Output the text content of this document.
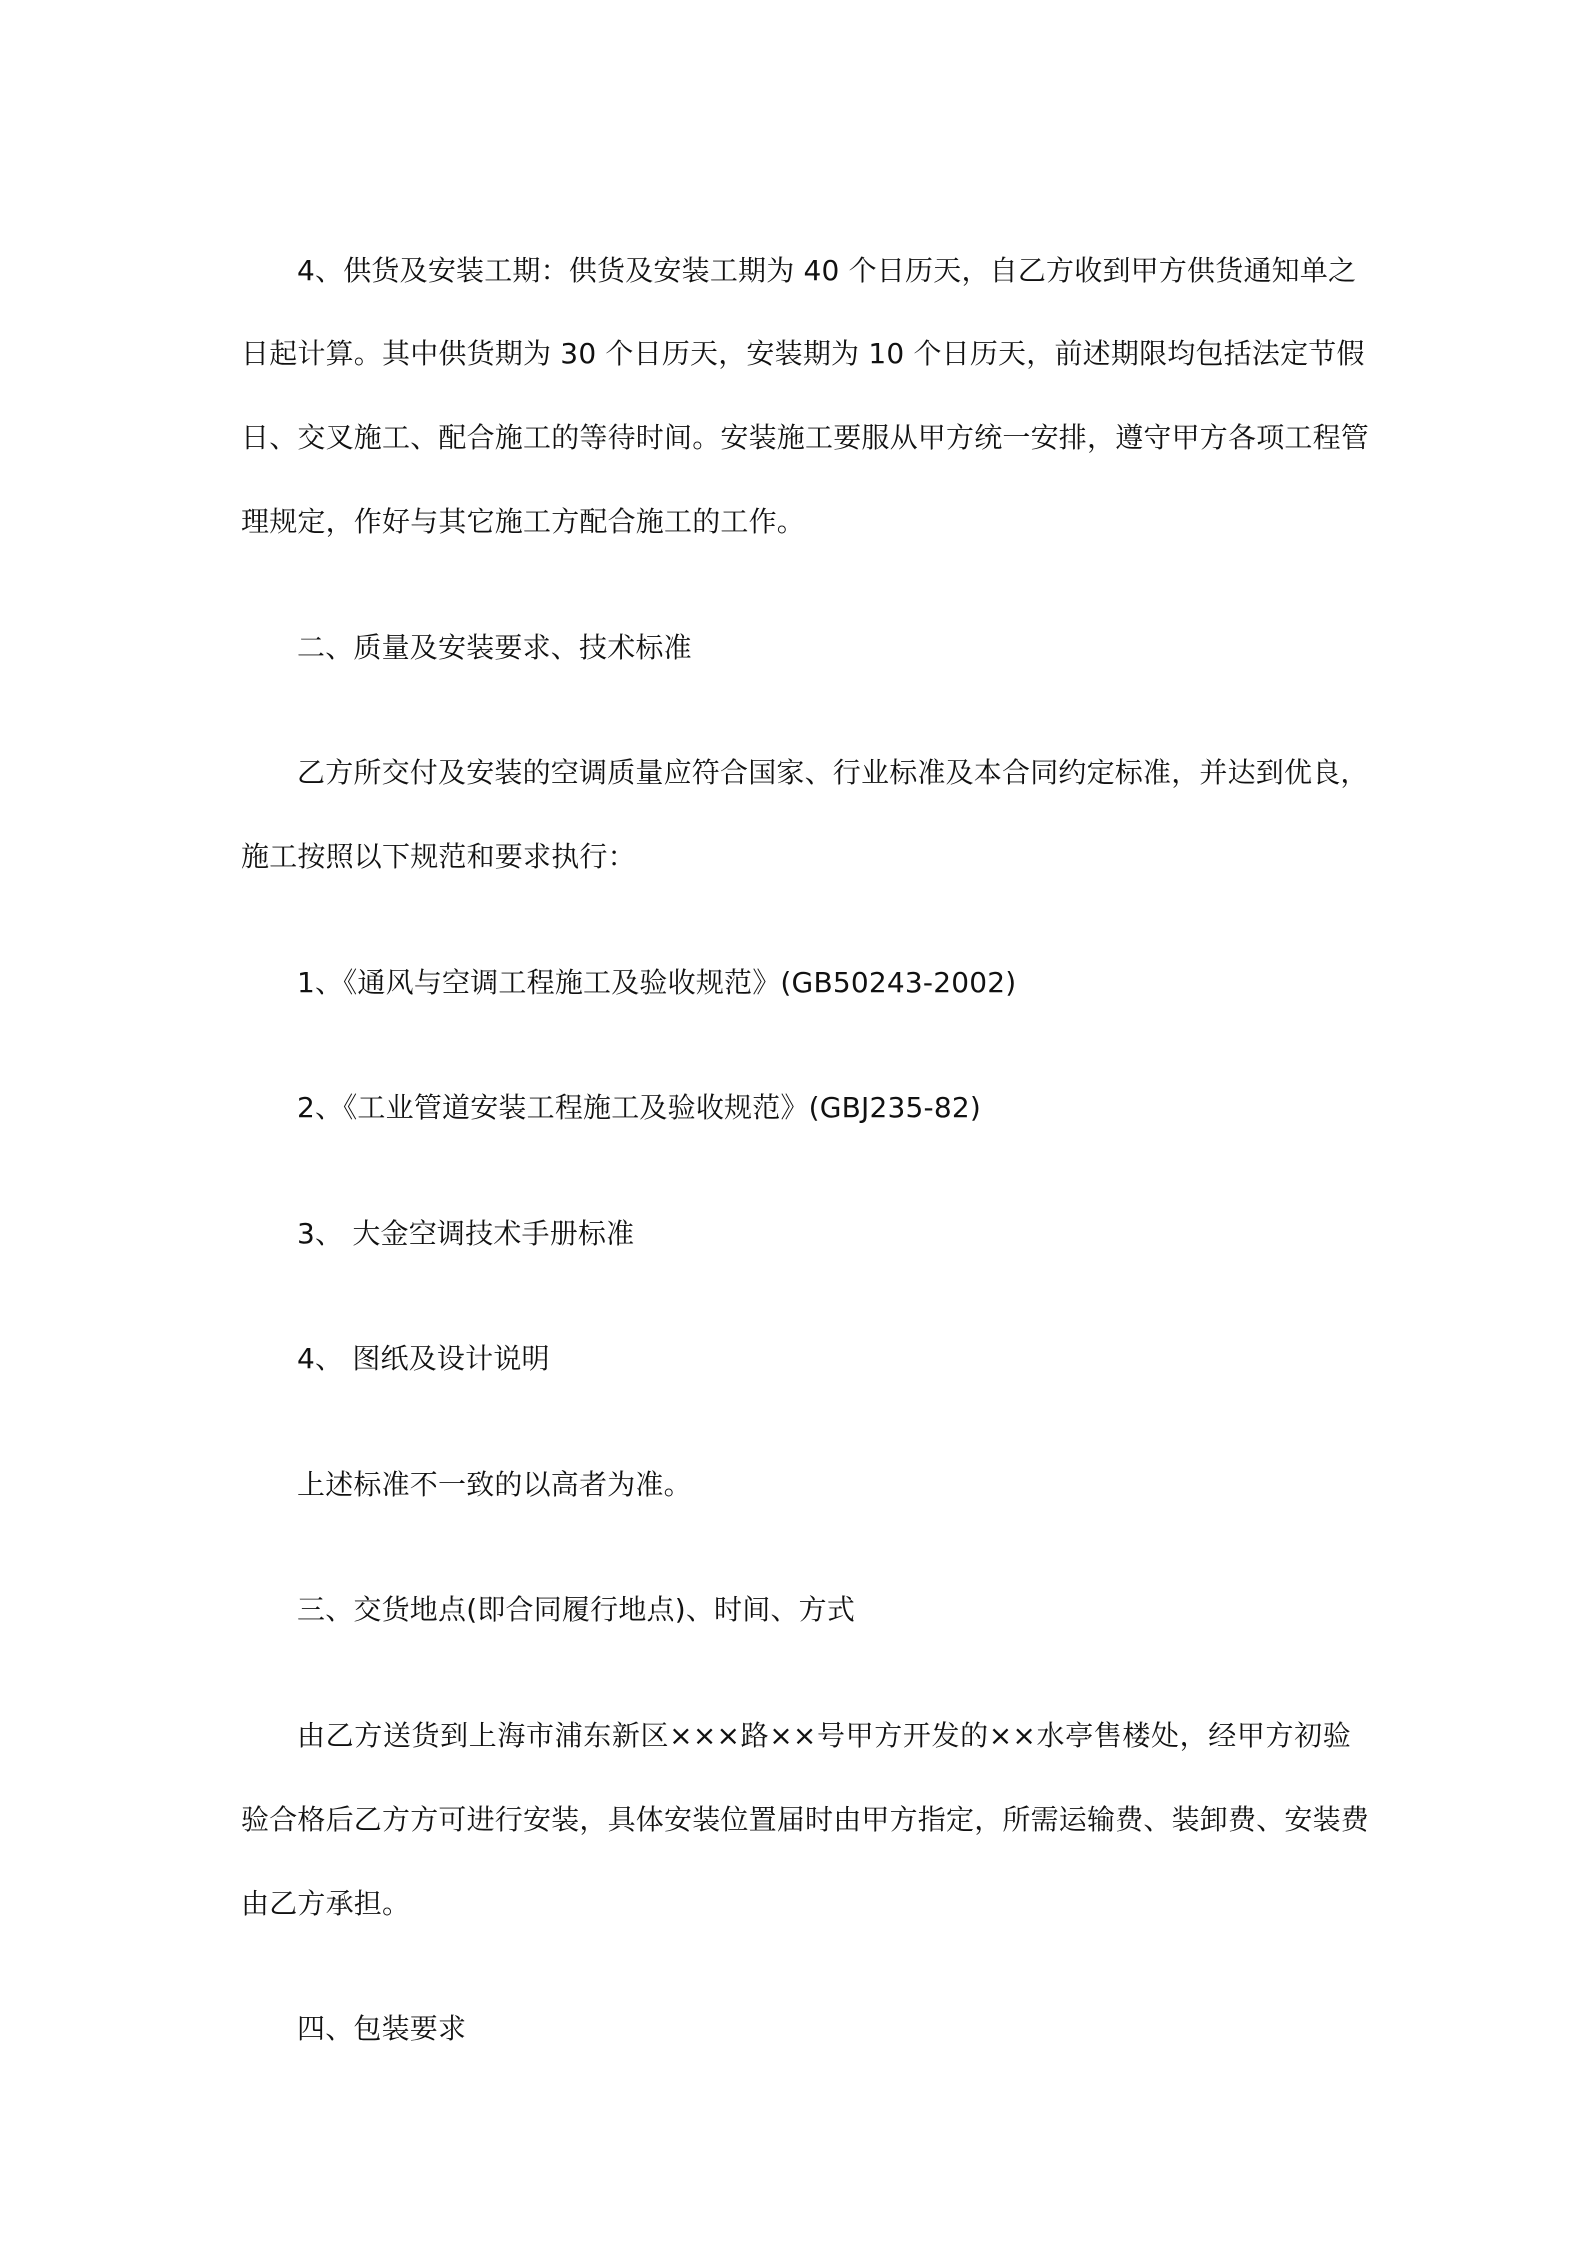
4、供货及安装工期：供货及安装工期为 40 个日历天，自乙方收到甲方供货通知单之
日起计算。其中供货期为 30 个日历天，安装期为 10 个日历天，前述期限均包括法定节假
日、交叉施工、配合施工的等待时间。安装施工要服从甲方统一安排，遵守甲方各项工程管
理规定，作好与其它施工方配合施工的工作。
二、质量及安装要求、技术标准
乙方所交付及安装的空调质量应符合国家、行业标准及本合同约定标准，并达到优良，
施工按照以下规范和要求执行：
1、《通风与空调工程施工及验收规范》(GB50243-2002)
2、《工业管道安装工程施工及验收规范》(GBJ235-82)
3、 大金空调技术手册标准
4、 图纸及设计说明
上述标准不一致的以高者为准。
三、交货地点(即合同履行地点)、时间、方式
由乙方送货到上海市浦东新区×××路××号甲方开发的××水亭售楼处，经甲方初验
验合格后乙方方可进行安装，具体安装位置届时由甲方指定，所需运输费、装卸费、安装费
由乙方承担。
四、包装要求
